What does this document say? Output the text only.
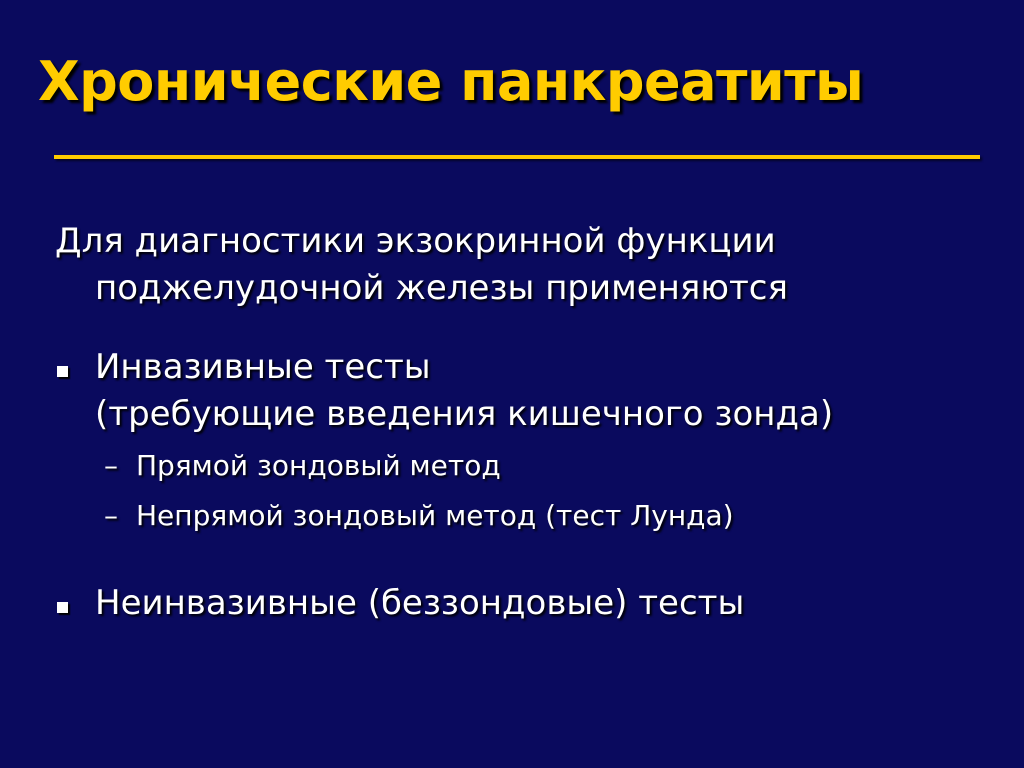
Хронические панкреатиты
Для диагностики экзокринной функции
поджелудочной железы применяются
Инвазивные тесты
(требующие введения кишечного зонда)
– Прямой зондовый метод
– Непрямой зондовый метод (тест Лунда)
Неинвазивные (беззондовые) тесты
